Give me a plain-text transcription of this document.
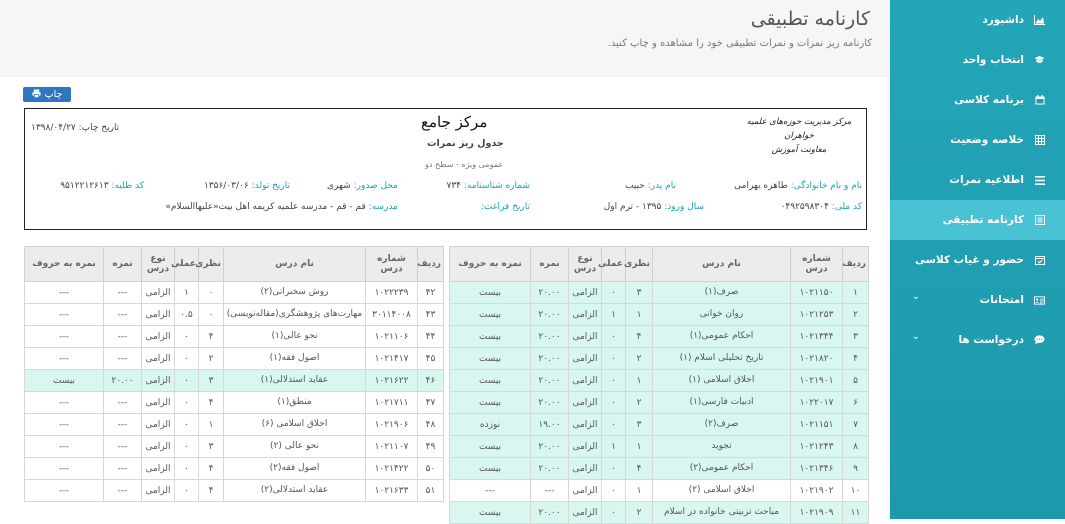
داشبورد
انتخاب واحد
برنامه کلاسی
خلاصه وضعیت
اطلاعیه نمرات
کارنامه تطبیقی
حضور و غیاب کلاسی
امتحانات
⌄
درخواست ها
⌄
کارنامه تطبیقی
کارنامه ریز نمرات و نمرات تطبیقی خود را مشاهده و چاپ کنید.
چاپ
مرکز جامع
جدول ریز نمرات
عمومی ویژه - سطح دو
مرکز مدیریت حوزه‌های علمیه خواهران
معاونت آموزش
تاریخ چاپ: ۱۳۹۸/۰۴/۲۷
نام و نام خانوادگی: طاهره بهرامی
نام پدر: حبیب
شماره شناسنامه: ۷۳۴
محل صدور: شهری
تاریخ تولد: ۱۳۵۶/۰۳/۰۶
کد طلبه: ۹۵۱۲۲۱۲۶۱۳
کد ملی: ۰۴۹۲۵۹۸۳۰۴
سال ورود: ۱۳۹۵ - ترم اول
تاریخ فراغت:
مدرسه: قم - قم - مدرسه علمیه کریمه اهل بیت«علیهاالسلام»
ردیف	شماره درس	نام درس	نظری	عملی	نوع درس	نمره	نمره به حروف
۱	۱۰۲۱۱۵۰	صرف(۱)	۳	۰	الزامی	۲۰.۰۰	بیست
۲	۱۰۲۱۲۵۳	روان خوانی	۱	۱	الزامی	۲۰.۰۰	بیست
۳	۱۰۲۱۳۴۴	احکام عمومی(۱)	۴	۰	الزامی	۲۰.۰۰	بیست
۴	۱۰۲۱۸۲۰	تاریخ تحلیلی اسلام (۱)	۲	۰	الزامی	۲۰.۰۰	بیست
۵	۱۰۲۱۹۰۱	اخلاق اسلامی (۱)	۱	۰	الزامی	۲۰.۰۰	بیست
۶	۱۰۲۲۰۱۷	ادبیات فارسی(۱)	۲	۰	الزامی	۲۰.۰۰	بیست
۷	۱۰۲۱۱۵۱	صرف(۲)	۳	۰	الزامی	۱۹.۰۰	نوزده
۸	۱۰۲۱۲۴۳	تجوید	۱	۱	الزامی	۲۰.۰۰	بیست
۹	۱۰۲۱۳۴۶	احکام عمومی(۲)	۴	۰	الزامی	۲۰.۰۰	بیست
۱۰	۱۰۲۱۹۰۲	اخلاق اسلامی (۲)	۱	۰	الزامی	---	---
۱۱	۱۰۲۱۹۰۹	مباحث تربیتی خانواده در اسلام	۲	۰	الزامی	۲۰.۰۰	بیست
ردیف	شماره درس	نام درس	نظری	عملی	نوع درس	نمره	نمره به حروف
۴۲	۱۰۲۲۲۳۹	روش سخنرانی(۲)	۰	۱	الزامی	---	---
۴۳	۳۰۱۱۴۰۰۸	مهارت‌های پژوهشگری(مقاله‌نویسی)	۰	۰.۵	الزامی	---	---
۴۴	۱۰۲۱۱۰۶	نحو عالی(۱)	۴	۰	الزامی	---	---
۴۵	۱۰۲۱۴۱۷	اصول فقه(۱)	۲	۰	الزامی	---	---
۴۶	۱۰۲۱۶۲۲	عقاید استدلالی(۱)	۳	۰	الزامی	۲۰.۰۰	بیست
۴۷	۱۰۲۱۷۱۱	منطق(۱)	۴	۰	الزامی	---	---
۴۸	۱۰۲۱۹۰۶	اخلاق اسلامی (۶)	۱	۰	الزامی	---	---
۴۹	۱۰۲۱۱۰۷	نحو عالی (۲)	۳	۰	الزامی	---	---
۵۰	۱۰۲۱۴۲۲	اصول فقه(۲)	۴	۰	الزامی	---	---
۵۱	۱۰۲۱۶۳۳	عقاید استدلالی(۲)	۴	۰	الزامی	---	---
